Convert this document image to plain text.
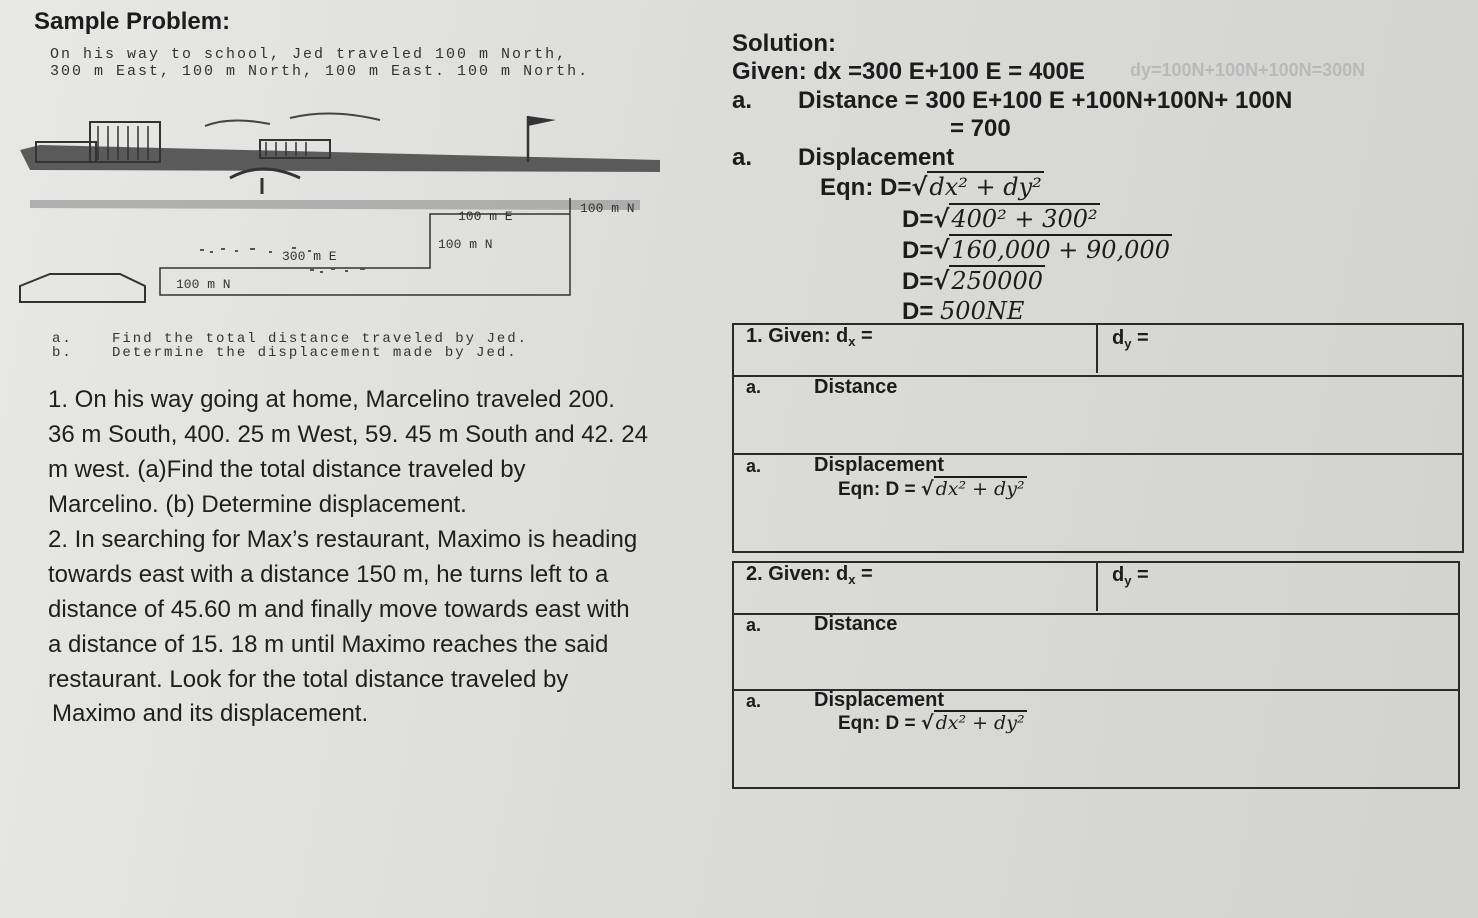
Sample Problem:
On his way to school, Jed traveled 100 m North,
300 m East, 100 m North, 100 m East. 100 m North.
100 m E
100 m N
100 m N
300 m E
100 m N
a.	Find the total distance traveled by Jed.
b.	Determine the displacement made by Jed.
1. On his way going at home, Marcelino traveled 200.
36 m South, 400. 25 m West, 59. 45 m South and 42. 24
m west. (a)Find the total distance traveled by
Marcelino. (b) Determine displacement.
2. In searching for Max’s restaurant, Maximo is heading
towards east with a distance 150 m, he turns left to a
distance of 45.60 m and finally move towards east with
a distance of 15. 18 m until Maximo reaches the said
restaurant. Look for the total distance traveled by
Maximo and its displacement.
Solution:
Given: dx =300 E+100 E = 400E	dy=100N+100N+100N=300N
a. Distance = 300 E+100 E +100N+100N+ 100N
= 700
a. Displacement
Eqn: D=√dx² + dy²
D=√400² + 300²
D=√160,000 + 90,000
D=√250000
D= 500NE
1. Given: $d_x$ =	$d_y$ =
a.	Distance
a.	Displacement
Eqn: D = √ dx² + dy²
2. Given: $d_x$ =	$d_y$ =
a.	Distance
a.	Displacement
Eqn: D = √ dx² + dy²
